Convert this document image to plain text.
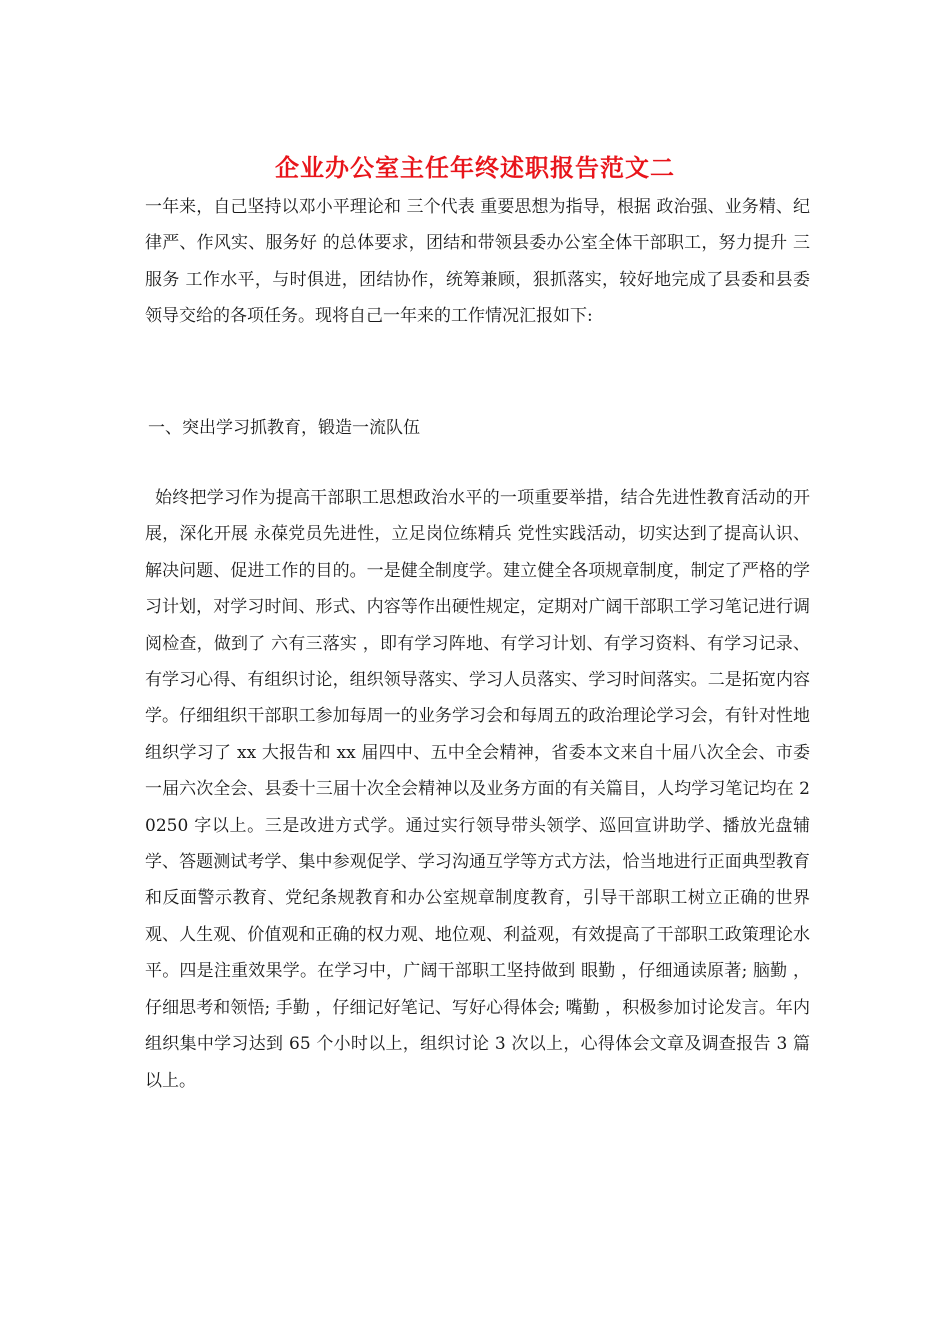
企业办公室主任年终述职报告范文二

一年来，自己坚持以邓小平理论和 三个代表 重要思想为指导，根据 政治强、业务精、纪律严、作风实、服务好 的总体要求，团结和带领县委办公室全体干部职工，努力提升 三服务 工作水平，与时俱进，团结协作，统筹兼顾，狠抓落实，较好地完成了县委和县委领导交给的各项任务。现将自己一年来的工作情况汇报如下:

一、突出学习抓教育，锻造一流队伍

始终把学习作为提高干部职工思想政治水平的一项重要举措，结合先进性教育活动的开展，深化开展 永葆党员先进性，立足岗位练精兵 党性实践活动，切实达到了提高认识、解决问题、促进工作的目的。一是健全制度学。建立健全各项规章制度，制定了严格的学习计划，对学习时间、形式、内容等作出硬性规定，定期对广阔干部职工学习笔记进行调阅检查，做到了 六有三落实 ，即有学习阵地、有学习计划、有学习资料、有学习记录、有学习心得、有组织讨论，组织领导落实、学习人员落实、学习时间落实。二是拓宽内容学。仔细组织干部职工参加每周一的业务学习会和每周五的政治理论学习会，有针对性地组织学习了 xx 大报告和 xx 届四中、五中全会精神，省委本文来自十届八次全会、市委一届六次全会、县委十三届十次全会精神以及业务方面的有关篇目，人均学习笔记均在 20250 字以上。三是改进方式学。通过实行领导带头领学、巡回宣讲助学、播放光盘辅学、答题测试考学、集中参观促学、学习沟通互学等方式方法，恰当地进行正面典型教育和反面警示教育、党纪条规教育和办公室规章制度教育，引导干部职工树立正确的世界观、人生观、价值观和正确的权力观、地位观、利益观，有效提高了干部职工政策理论水平。四是注重效果学。在学习中，广阔干部职工坚持做到 眼勤 ，仔细通读原著; 脑勤 ，仔细思考和领悟; 手勤 ，仔细记好笔记、写好心得体会; 嘴勤 ，积极参加讨论发言。年内组织集中学习达到 65 个小时以上，组织讨论 3 次以上，心得体会文章及调查报告 3 篇以上。
